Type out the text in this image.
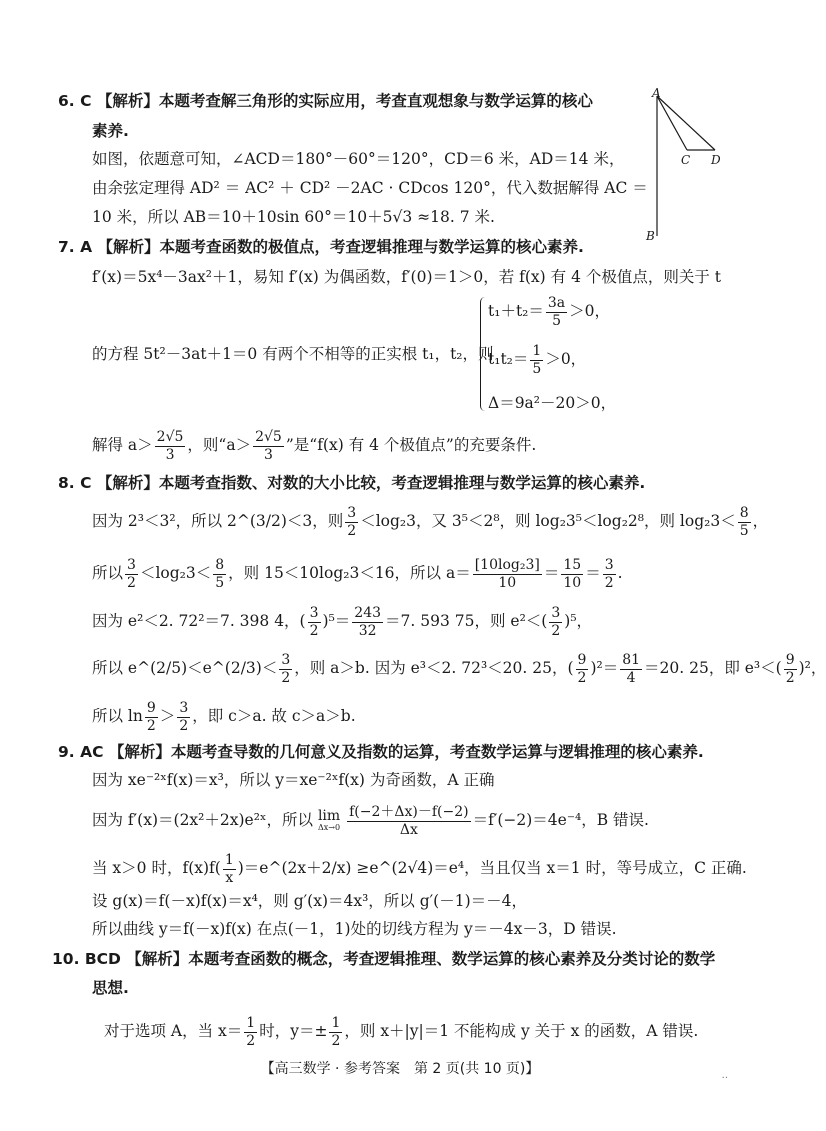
6. C 【解析】本题考查解三角形的实际应用，考查直观想象与数学运算的核心
素养.
如图，依题意可知，∠ACD＝180°－60°＝120°，CD＝6 米，AD＝14 米，
由余弦定理得 AD² ＝ AC² ＋ CD² －2AC · CDcos 120°，代入数据解得 AC ＝
10 米，所以 AB＝10＋10sin 60°＝10＋5√3 ≈18. 7 米.
A
B
C D
7. A 【解析】本题考查函数的极值点，考查逻辑推理与数学运算的核心素养.
f′(x)＝5x⁴－3ax²＋1，易知 f′(x) 为偶函数，f′(0)＝1＞0，若 f(x) 有 4 个极值点，则关于 t
的方程 5t²－3at＋1＝0 有两个不相等的正实根 t₁，t₂，则
$t_1+t_2= \frac{3a}{5} >0$，
$t_1t_2= \frac{1}{5} >0$，
Δ＝9a²－20＞0，
解得 $a> \frac{2√5}{3}$ ，则“$a> \frac{2√5}{3}$ ”是“f(x) 有 4 个极值点”的充要条件.
8. C 【解析】本题考查指数、对数的大小比较，考查逻辑推理与数学运算的核心素养.
因为 2³＜3²，所以 2^(3/2)＜3，则 $\frac{3}{2} <\log_23$，又 3⁵＜2⁸，则 log₂3⁵＜log₂2⁸，则 $\log_23< \frac{8}{5}$ ，
所以 $\frac{3}{2} <\log_23< \frac{8}{5}$ ，则 15＜10log₂3＜16，所以 $a= \frac{\text{[10log₂3]}}{10} = \frac{15}{10} = \frac{3}{2}$ .
因为 e²＜2. 72²＝7. 398 4，( $\frac{3}{2} )^5= \frac{243}{32} =7$. 593 75，则 $e^2<( \frac{3}{2} )^5$，
所以 e^(2/5)＜e^(2/3)＜ $\frac{3}{2}$ ，则 a＞b. 因为 e³＜2. 72³＜20. 25，( $\frac{9}{2} )^2= \frac{81}{4} =20$. 25，即 $e^3<( \frac{9}{2} )^2$，
所以 $\ln \frac{9}{2} > \frac{3}{2}$ ，即 c＞a. 故 c＞a＞b.
9. AC 【解析】本题考查导数的几何意义及指数的运算，考查数学运算与逻辑推理的核心素养.
因为 xe⁻²ˣf(x)＝x³，所以 y＝xe⁻²ˣf(x) 为奇函数，A 正确
因为 f′(x)＝(2x²＋2x)e²ˣ，所以 lim
Δx→0
$\frac{f(-2+\Delta x)-f(-2)}{\Delta x} =f'(-2)=4e^{-4}$，B 错误.
当 x＞0 时，$f(x)f( \frac{1}{x}$ )＝e^(2x＋2/x) ≥e^(2√4)＝e⁴，当且仅当 x＝1 时，等号成立，C 正确.
设 g(x)＝f(－x)f(x)＝x⁴，则 g′(x)＝4x³，所以 g′(－1)＝－4，
所以曲线 y＝f(－x)f(x) 在点(－1，1)处的切线方程为 y＝－4x－3，D 错误.
10. BCD 【解析】本题考查函数的概念，考查逻辑推理、数学运算的核心素养及分类讨论的数学
思想.
对于选项 A，当 $x= \frac{1}{2}$ 时，$y=\pm \frac{1}{2}$ ，则 x＋|y|＝1 不能构成 y 关于 x 的函数，A 错误.
【高三数学 · 参考答案　第 2 页(共 10 页)】	..
